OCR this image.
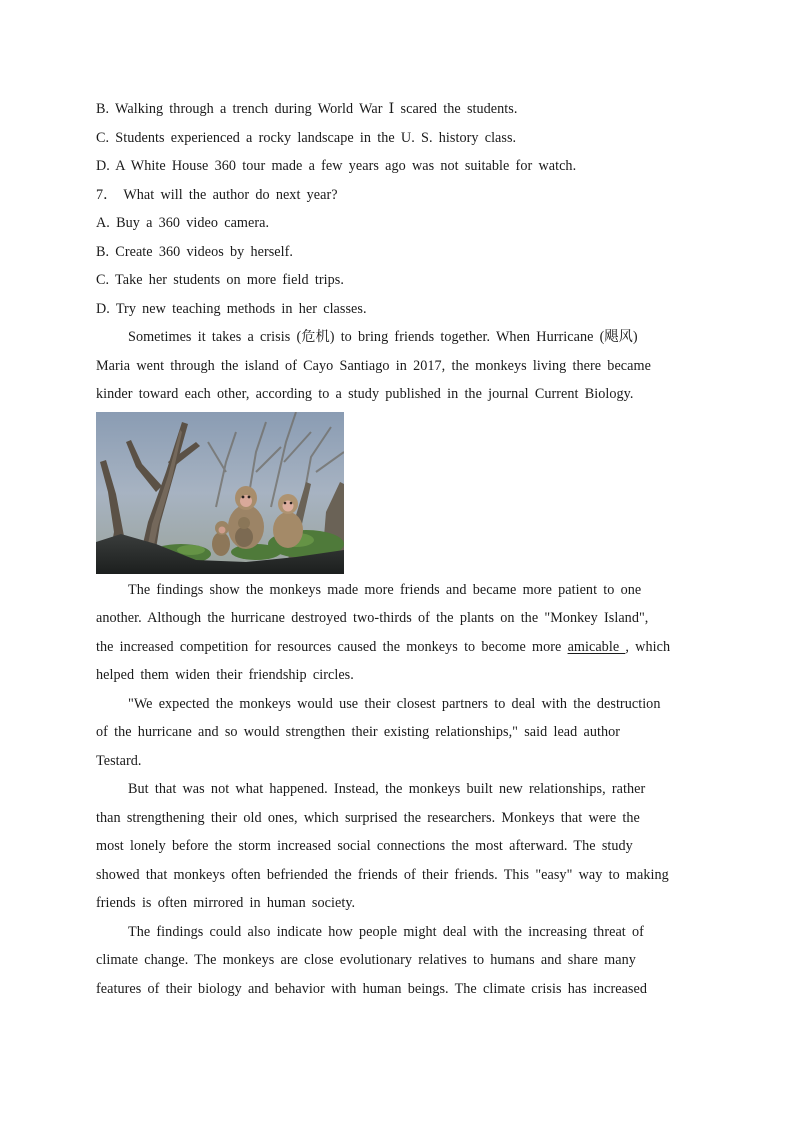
B. Walking through a trench during World War Ⅰ scared the students.
C. Students experienced a rocky landscape in the U. S. history class.
D. A White House 360 tour made a few years ago was not suitable for watch.
7． What will the author do next year?
A. Buy a 360 video camera.
B. Create 360 videos by herself.
C. Take her students on more field trips.
D. Try new teaching methods in her classes.
Sometimes it takes a crisis (危机) to bring friends together. When Hurricane (飓风)
Maria went through the island of Cayo Santiago in 2017, the monkeys living there became
kinder toward each other, according to a study published in the journal Current Biology.
The findings show the monkeys made more friends and became more patient to one
another. Although the hurricane destroyed two-thirds of the plants on the "Monkey Island",
the increased competition for resources caused the monkeys to become more amicable , which
helped them widen their friendship circles.
"We expected the monkeys would use their closest partners to deal with the destruction
of the hurricane and so would strengthen their existing relationships," said lead author
Testard.
But that was not what happened. Instead, the monkeys built new relationships, rather
than strengthening their old ones, which surprised the researchers. Monkeys that were the
most lonely before the storm increased social connections the most afterward. The study
showed that monkeys often befriended the friends of their friends. This "easy" way to making
friends is often mirrored in human society.
The findings could also indicate how people might deal with the increasing threat of
climate change. The monkeys are close evolutionary relatives to humans and share many
features of their biology and behavior with human beings. The climate crisis has increased
